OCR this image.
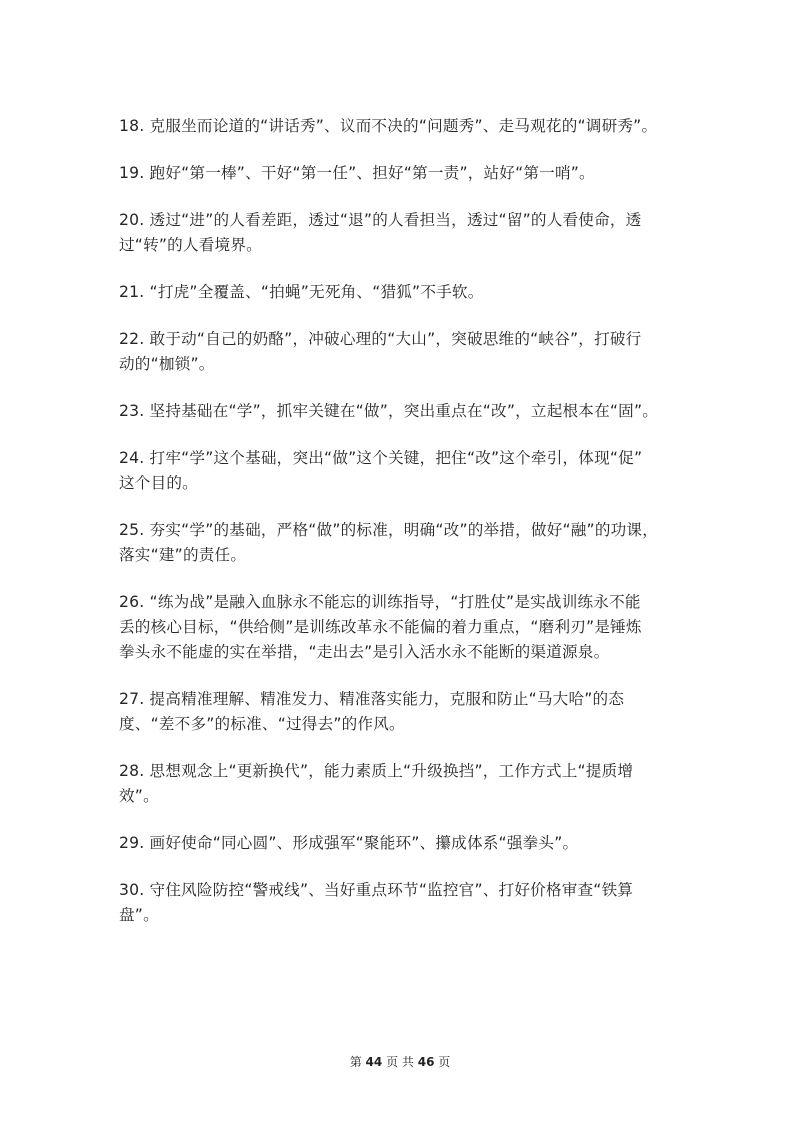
18. 克服坐而论道的“讲话秀”、议而不决的“问题秀”、走马观花的“调研秀”。
19. 跑好“第一棒”、干好“第一任”、担好“第一责”，站好“第一哨”。
20. 透过“进”的人看差距，透过“退”的人看担当，透过“留”的人看使命，透
过“转”的人看境界。
21. “打虎”全覆盖、“拍蝇”无死角、“猎狐”不手软。
22. 敢于动“自己的奶酪”，冲破心理的“大山”，突破思维的“峡谷”，打破行
动的“枷锁”。
23. 坚持基础在“学”，抓牢关键在“做”，突出重点在“改”，立起根本在“固”。
24. 打牢“学”这个基础，突出“做”这个关键，把住“改”这个牵引，体现“促”
这个目的。
25. 夯实“学”的基础，严格“做”的标准，明确“改”的举措，做好“融”的功课，
落实“建”的责任。
26. “练为战”是融入血脉永不能忘的训练指导，“打胜仗”是实战训练永不能
丢的核心目标，“供给侧”是训练改革永不能偏的着力重点，“磨利刃”是锤炼
拳头永不能虚的实在举措，“走出去”是引入活水永不能断的渠道源泉。
27. 提高精准理解、精准发力、精准落实能力，克服和防止“马大哈”的态
度、“差不多”的标准、“过得去”的作风。
28. 思想观念上“更新换代”，能力素质上“升级换挡”，工作方式上“提质增
效”。
29. 画好使命“同心圆”、形成强军“聚能环”、攥成体系“强拳头”。
30. 守住风险防控“警戒线”、当好重点环节“监控官”、打好价格审查“铁算
盘”。
第 44 页 共 46 页
